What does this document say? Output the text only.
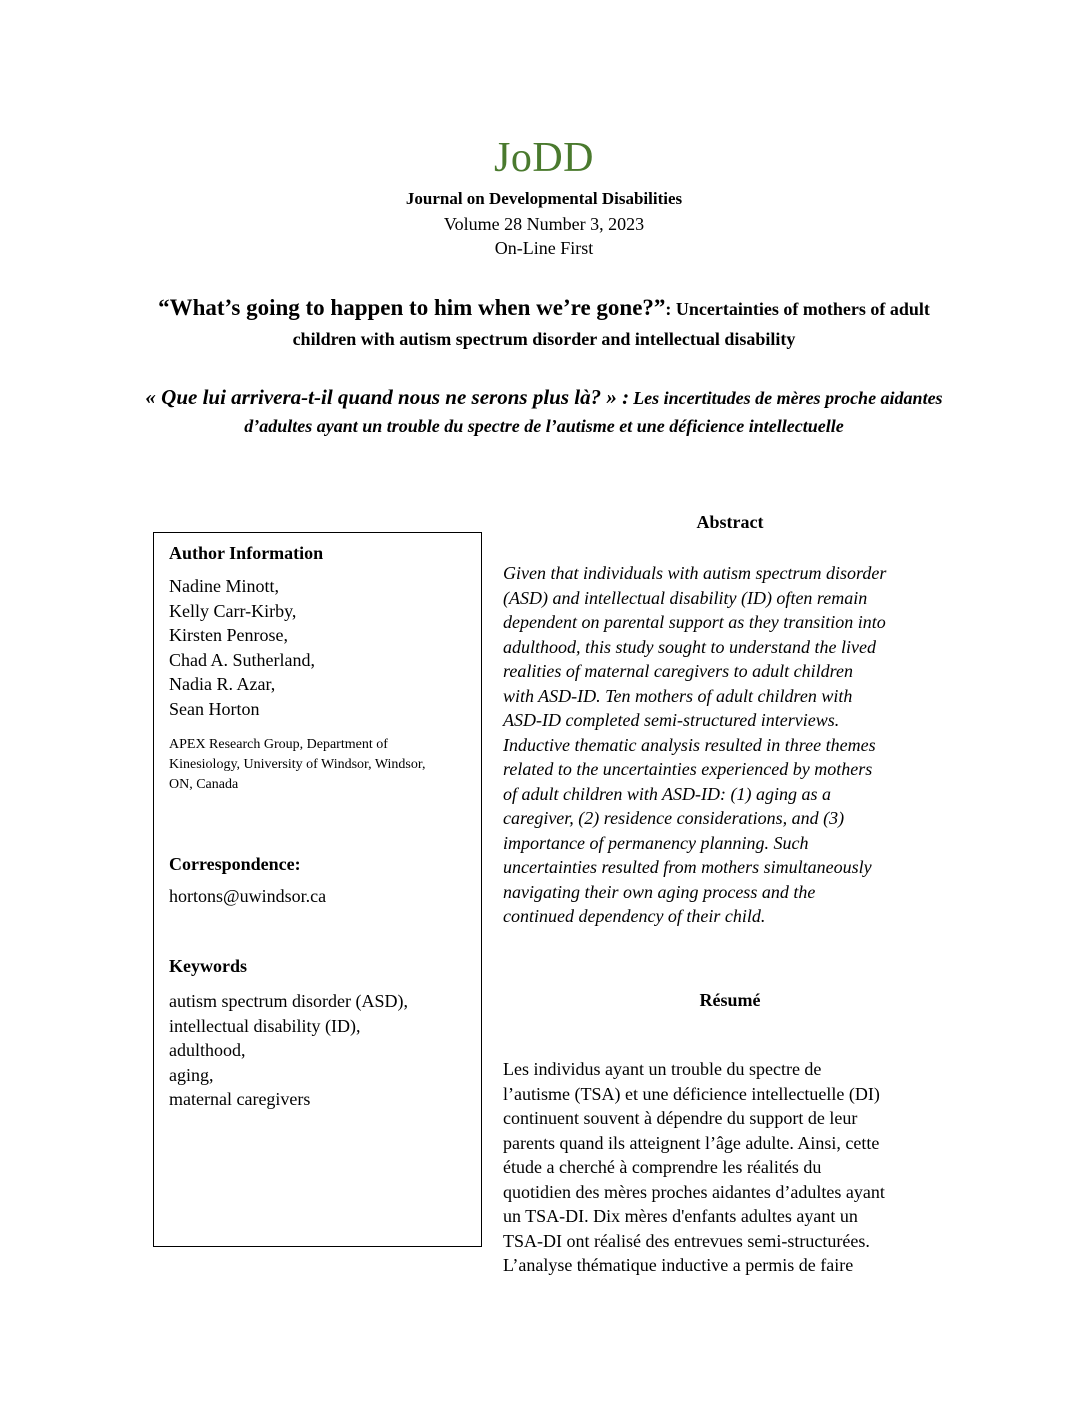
JoDD
Journal on Developmental Disabilities
Volume 28 Number 3, 2023
On-Line First
“What’s going to happen to him when we’re gone?”: Uncertainties of mothers of adult children with autism spectrum disorder and intellectual disability
« Que lui arrivera-t-il quand nous ne serons plus là? » : Les incertitudes de mères proche aidantes d’adultes ayant un trouble du spectre de l’autisme et une déficience intellectuelle
Author Information
Nadine Minott,
Kelly Carr-Kirby,
Kirsten Penrose,
Chad A. Sutherland,
Nadia R. Azar,
Sean Horton
APEX Research Group, Department of
Kinesiology, University of Windsor, Windsor,
ON, Canada
Correspondence:
hortons@uwindsor.ca
Keywords
autism spectrum disorder (ASD),
intellectual disability (ID),
adulthood,
aging,
maternal caregivers
Abstract
Given that individuals with autism spectrum disorder
(ASD) and intellectual disability (ID) often remain
dependent on parental support as they transition into
adulthood, this study sought to understand the lived
realities of maternal caregivers to adult children
with ASD-ID. Ten mothers of adult children with
ASD-ID completed semi-structured interviews.
Inductive thematic analysis resulted in three themes
related to the uncertainties experienced by mothers
of adult children with ASD-ID: (1) aging as a
caregiver, (2) residence considerations, and (3)
importance of permanency planning. Such
uncertainties resulted from mothers simultaneously
navigating their own aging process and the
continued dependency of their child.
Résumé
Les individus ayant un trouble du spectre de
l’autisme (TSA) et une déficience intellectuelle (DI)
continuent souvent à dépendre du support de leur
parents quand ils atteignent l’âge adulte. Ainsi, cette
étude a cherché à comprendre les réalités du
quotidien des mères proches aidantes d’adultes ayant
un TSA-DI. Dix mères d'enfants adultes ayant un
TSA-DI ont réalisé des entrevues semi-structurées.
L’analyse thématique inductive a permis de faire
